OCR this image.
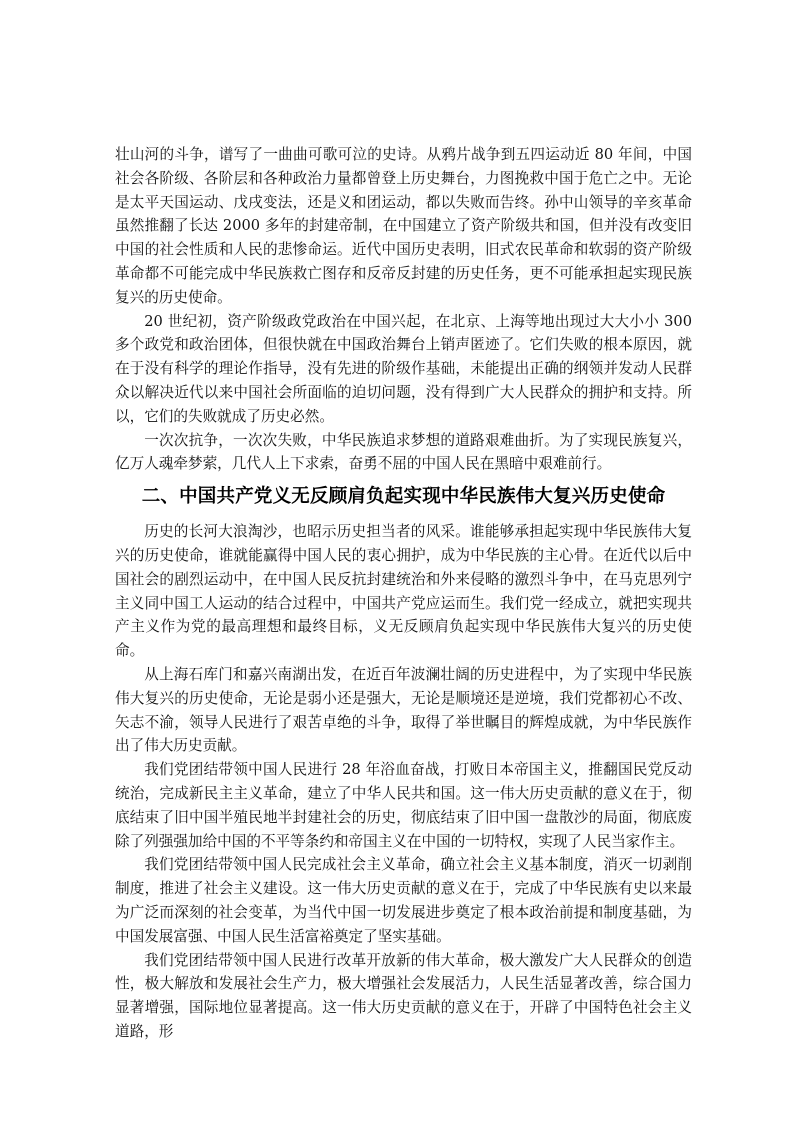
壮山河的斗争，谱写了一曲曲可歌可泣的史诗。从鸦片战争到五四运动近 80 年间，中国社会各阶级、各阶层和各种政治力量都曾登上历史舞台，力图挽救中国于危亡之中。无论是太平天国运动、戊戌变法，还是义和团运动，都以失败而告终。孙中山领导的辛亥革命虽然推翻了长达 2000 多年的封建帝制，在中国建立了资产阶级共和国，但并没有改变旧中国的社会性质和人民的悲惨命运。近代中国历史表明，旧式农民革命和软弱的资产阶级革命都不可能完成中华民族救亡图存和反帝反封建的历史任务，更不可能承担起实现民族复兴的历史使命。

20 世纪初，资产阶级政党政治在中国兴起，在北京、上海等地出现过大大小小 300 多个政党和政治团体，但很快就在中国政治舞台上销声匿迹了。它们失败的根本原因，就在于没有科学的理论作指导，没有先进的阶级作基础，未能提出正确的纲领并发动人民群众以解决近代以来中国社会所面临的迫切问题，没有得到广大人民群众的拥护和支持。所以，它们的失败就成了历史必然。

一次次抗争，一次次失败，中华民族追求梦想的道路艰难曲折。为了实现民族复兴，亿万人魂牵梦萦，几代人上下求索，奋勇不屈的中国人民在黑暗中艰难前行。

二、中国共产党义无反顾肩负起实现中华民族伟大复兴历史使命

历史的长河大浪淘沙，也昭示历史担当者的风采。谁能够承担起实现中华民族伟大复兴的历史使命，谁就能赢得中国人民的衷心拥护，成为中华民族的主心骨。在近代以后中国社会的剧烈运动中，在中国人民反抗封建统治和外来侵略的激烈斗争中，在马克思列宁主义同中国工人运动的结合过程中，中国共产党应运而生。我们党一经成立，就把实现共产主义作为党的最高理想和最终目标，义无反顾肩负起实现中华民族伟大复兴的历史使命。

从上海石库门和嘉兴南湖出发，在近百年波澜壮阔的历史进程中，为了实现中华民族伟大复兴的历史使命，无论是弱小还是强大，无论是顺境还是逆境，我们党都初心不改、矢志不渝，领导人民进行了艰苦卓绝的斗争，取得了举世瞩目的辉煌成就，为中华民族作出了伟大历史贡献。

我们党团结带领中国人民进行 28 年浴血奋战，打败日本帝国主义，推翻国民党反动统治，完成新民主主义革命，建立了中华人民共和国。这一伟大历史贡献的意义在于，彻底结束了旧中国半殖民地半封建社会的历史，彻底结束了旧中国一盘散沙的局面，彻底废除了列强强加给中国的不平等条约和帝国主义在中国的一切特权，实现了人民当家作主。

我们党团结带领中国人民完成社会主义革命，确立社会主义基本制度，消灭一切剥削制度，推进了社会主义建设。这一伟大历史贡献的意义在于，完成了中华民族有史以来最为广泛而深刻的社会变革，为当代中国一切发展进步奠定了根本政治前提和制度基础，为中国发展富强、中国人民生活富裕奠定了坚实基础。

我们党团结带领中国人民进行改革开放新的伟大革命，极大激发广大人民群众的创造性，极大解放和发展社会生产力，极大增强社会发展活力，人民生活显著改善，综合国力显著增强，国际地位显著提高。这一伟大历史贡献的意义在于，开辟了中国特色社会主义道路，形
